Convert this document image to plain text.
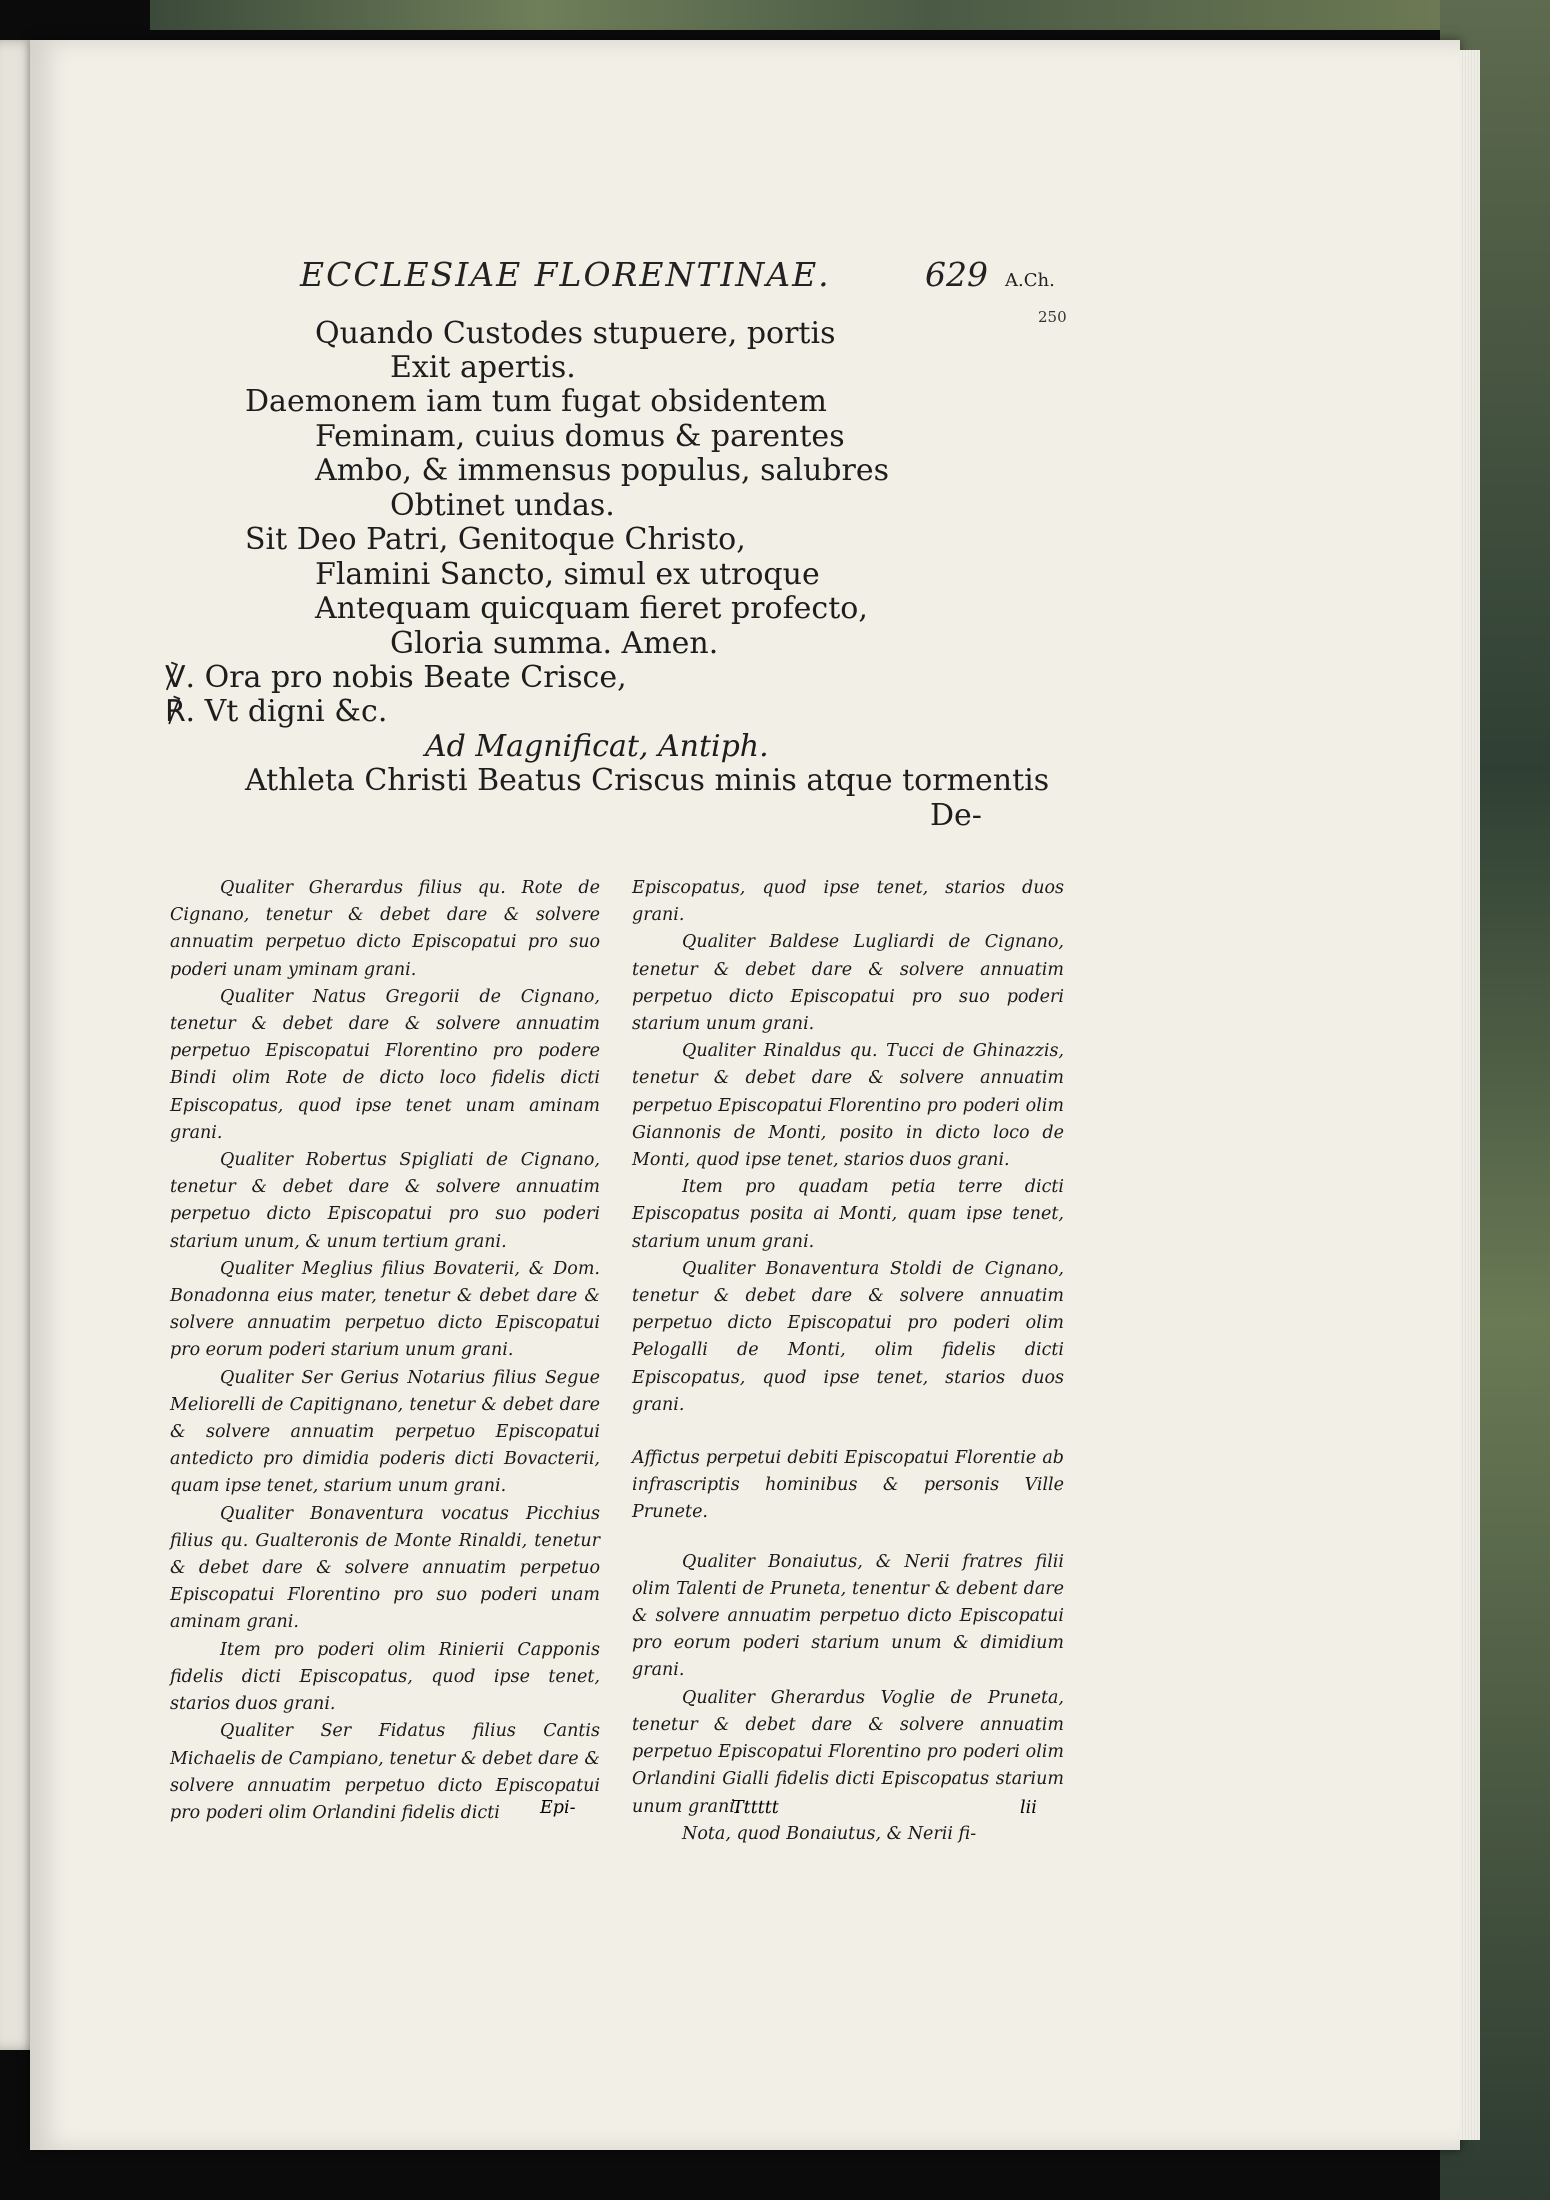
ECCLESIAE FLORENTINAE.	629 A.Ch.
250
Quando Custodes stupuere, portis
Exit apertis.
Daemonem iam tum fugat obsidentem
Feminam, cuius domus & parentes
Ambo, & immensus populus, salubres
Obtinet undas.
Sit Deo Patri, Genitoque Christo,
Flamini Sancto, simul ex utroque
Antequam quicquam fieret profecto,
Gloria summa. Amen.
℣. Ora pro nobis Beate Crisce,
℟. Vt digni &c.
Ad Magnificat, Antiph.
Athleta Christi Beatus Criscus minis atque tormentis
De-

Qualiter Gherardus filius qu. Rote de Cignano, tenetur & debet dare & solvere annuatim perpetuo dicto Episcopatui pro suo poderi unam yminam grani.

Qualiter Natus Gregorii de Cignano, tenetur & debet dare & solvere annuatim perpetuo Episcopatui Florentino pro podere Bindi olim Rote de dicto loco fidelis dicti Episcopatus, quod ipse tenet unam aminam grani.

Qualiter Robertus Spigliati de Cignano, tenetur & debet dare & solvere annuatim perpetuo dicto Episcopatui pro suo poderi starium unum, & unum tertium grani.

Qualiter Meglius filius Bovaterii, & Dom. Bonadonna eius mater, tenetur & debet dare & solvere annuatim perpetuo dicto Episcopatui pro eorum poderi starium unum grani.

Qualiter Ser Gerius Notarius filius Segue Meliorelli de Capitignano, tenetur & debet dare & solvere annuatim perpetuo Episcopatui antedicto pro dimidia poderis dicti Bovacterii, quam ipse tenet, starium unum grani.

Qualiter Bonaventura vocatus Picchius filius qu. Gualteronis de Monte Rinaldi, tenetur & debet dare & solvere annuatim perpetuo Episcopatui Florentino pro suo poderi unam aminam grani.

Item pro poderi olim Rinierii Capponis fidelis dicti Episcopatus, quod ipse tenet, starios duos grani.

Qualiter Ser Fidatus filius Cantis Michaelis de Campiano, tenetur & debet dare & solvere annuatim perpetuo dicto Episcopatui pro poderi olim Orlandini fidelis dicti

Episcopatus, quod ipse tenet, starios duos grani.

Qualiter Baldese Lugliardi de Cignano, tenetur & debet dare & solvere annuatim perpetuo dicto Episcopatui pro suo poderi starium unum grani.

Qualiter Rinaldus qu. Tucci de Ghinazzis, tenetur & debet dare & solvere annuatim perpetuo Episcopatui Florentino pro poderi olim Giannonis de Monti, posito in dicto loco de Monti, quod ipse tenet, starios duos grani.

Item pro quadam petia terre dicti Episcopatus posita ai Monti, quam ipse tenet, starium unum grani.

Qualiter Bonaventura Stoldi de Cignano, tenetur & debet dare & solvere annuatim perpetuo dicto Episcopatui pro poderi olim Pelogalli de Monti, olim fidelis dicti Episcopatus, quod ipse tenet, starios duos grani.

Affictus perpetui debiti Episcopatui Florentie ab infrascriptis hominibus & personis Ville Prunete.

Qualiter Bonaiutus, & Nerii fratres filii olim Talenti de Pruneta, tenentur & debent dare & solvere annuatim perpetuo dicto Episcopatui pro eorum poderi starium unum & dimidium grani.

Qualiter Gherardus Voglie de Pruneta, tenetur & debet dare & solvere annuatim perpetuo Episcopatui Florentino pro poderi olim Orlandini Gialli fidelis dicti Episcopatus starium unum grani.

Nota, quod Bonaiutus, & Nerii fi-

Epi-	Tttttt	lii
